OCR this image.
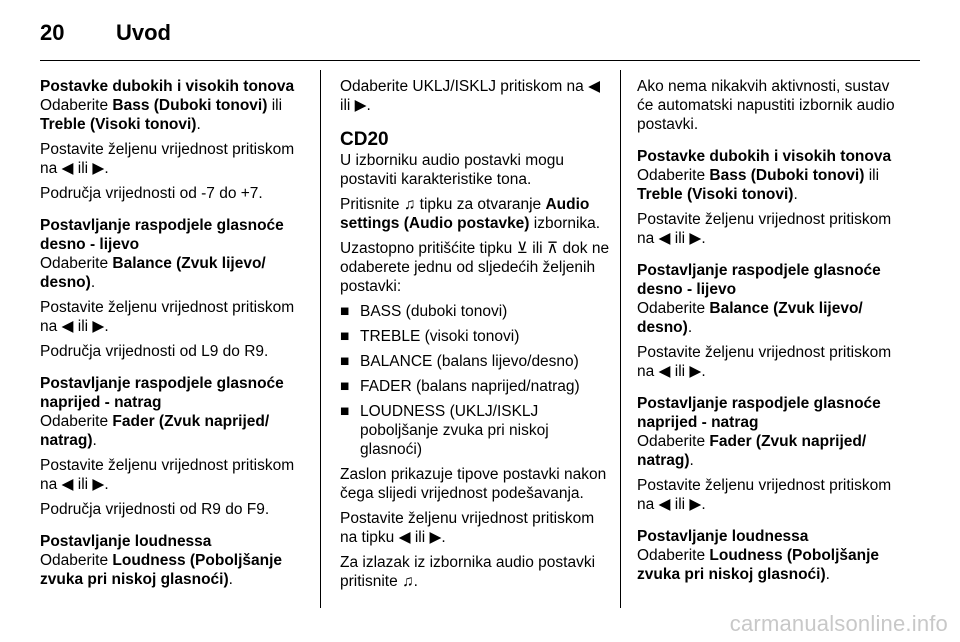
20 Uvod

Postavke dubokih i visokih tonova

Odaberite Bass (Duboki tonovi) ili Treble (Visoki tonovi).

Postavite željenu vrijednost pritiskom na ◀ ili ▶.

Područja vrijednosti od -7 do +7.

Postavljanje raspodjele glasnoće desno - lijevo

Odaberite Balance (Zvuk lijevo/ desno).

Postavite željenu vrijednost pritiskom na ◀ ili ▶.

Područja vrijednosti od L9 do R9.

Postavljanje raspodjele glasnoće naprijed - natrag

Odaberite Fader (Zvuk naprijed/ natrag).

Postavite željenu vrijednost pritiskom na ◀ ili ▶.

Područja vrijednosti od R9 do F9.

Postavljanje loudnessa

Odaberite Loudness (Poboljšanje zvuka pri niskoj glasnoći).

Odaberite UKLJ/ISKLJ pritiskom na ◀ ili ▶.

CD20

U izborniku audio postavki mogu postaviti karakteristike tona.

Pritisnite ♫ tipku za otvaranje Audio settings (Audio postavke) izbornika.

Uzastopno pritišćite tipku ⊻ ili ⊼ dok ne odaberete jednu od sljedećih željenih postavki:

■ BASS (duboki tonovi)
■ TREBLE (visoki tonovi)
■ BALANCE (balans lijevo/desno)
■ FADER (balans naprijed/natrag)
■ LOUDNESS (UKLJ/ISKLJ poboljšanje zvuka pri niskoj glasnoći)

Zaslon prikazuje tipove postavki nakon čega slijedi vrijednost podešavanja.

Postavite željenu vrijednost pritiskom na tipku ◀ ili ▶.

Za izlazak iz izbornika audio postavki pritisnite ♫.

Ako nema nikakvih aktivnosti, sustav će automatski napustiti izbornik audio postavki.

Postavke dubokih i visokih tonova

Odaberite Bass (Duboki tonovi) ili Treble (Visoki tonovi).

Postavite željenu vrijednost pritiskom na ◀ ili ▶.

Postavljanje raspodjele glasnoće desno - lijevo

Odaberite Balance (Zvuk lijevo/ desno).

Postavite željenu vrijednost pritiskom na ◀ ili ▶.

Postavljanje raspodjele glasnoće naprijed - natrag

Odaberite Fader (Zvuk naprijed/ natrag).

Postavite željenu vrijednost pritiskom na ◀ ili ▶.

Postavljanje loudnessa

Odaberite Loudness (Poboljšanje zvuka pri niskoj glasnoći).

carmanualsonline.info
